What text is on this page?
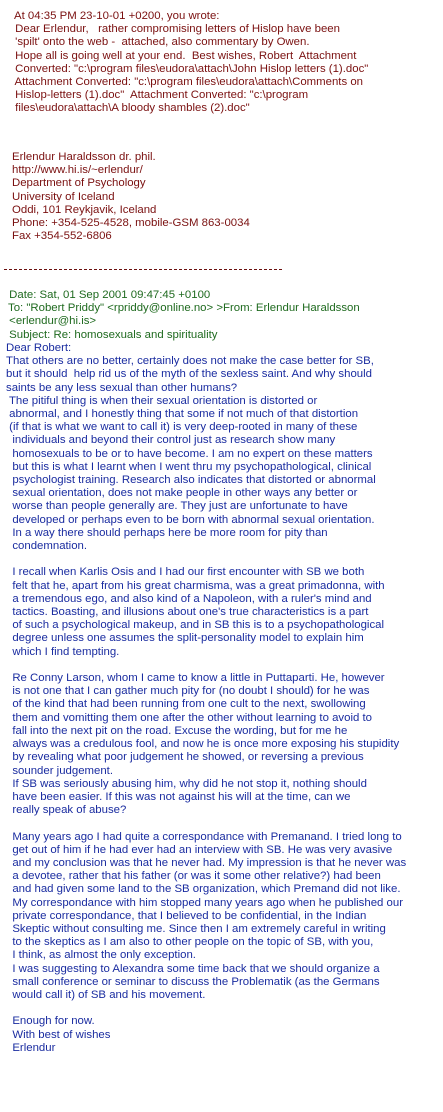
At 04:35 PM 23-10-01 +0200, you wrote:
Dear Erlendur,   rather compromising letters of Hislop have been
'spilt' onto the web -  attached, also commentary by Owen.
Hope all is going well at your end.  Best wishes, Robert  Attachment
Converted: "c:\program files\eudora\attach\John Hislop letters (1).doc"
Attachment Converted: "c:\program files\eudora\attach\Comments on
Hislop-letters (1).doc"  Attachment Converted: "c:\program
files\eudora\attach\A bloody shambles (2).doc"
Erlendur Haraldsson dr. phil.
http://www.hi.is/~erlendur/
Department of Psychology
University of Iceland
Oddi, 101 Reykjavik, Iceland
Phone: +354-525-4528, mobile-GSM 863-0034
Fax +354-552-6806
Date: Sat, 01 Sep 2001 09:47:45 +0100
To: "Robert Priddy" <rpriddy@online.no> >From: Erlendur Haraldsson
<erlendur@hi.is>
Subject: Re: homosexuals and spirituality
Dear Robert:
That others are no better, certainly does not make the case better for SB,
but it should  help rid us of the myth of the sexless saint. And why should
saints be any less sexual than other humans?
The pitiful thing is when their sexual orientation is distorted or
abnormal, and I honestly thing that some if not much of that distortion
(if that is what we want to call it) is very deep-rooted in many of these
individuals and beyond their control just as research show many
homosexuals to be or to have become. I am no expert on these matters
but this is what I learnt when I went thru my psychopathological, clinical
psychologist training. Research also indicates that distorted or abnormal
sexual orientation, does not make people in other ways any better or
worse than people generally are. They just are unfortunate to have
developed or perhaps even to be born with abnormal sexual orientation.
In a way there should perhaps here be more room for pity than
condemnation.

I recall when Karlis Osis and I had our first encounter with SB we both
felt that he, apart from his great charmisma, was a great primadonna, with
a tremendous ego, and also kind of a Napoleon, with a ruler's mind and
tactics. Boasting, and illusions about one's true characteristics is a part
of such a psychological makeup, and in SB this is to a psychopathological
degree unless one assumes the split-personality model to explain him
which I find tempting.

Re Conny Larson, whom I came to know a little in Puttaparti. He, however
is not one that I can gather much pity for (no doubt I should) for he was
of the kind that had been running from one cult to the next, swollowing
them and vomitting them one after the other without learning to avoid to
fall into the next pit on the road. Excuse the wording, but for me he
always was a credulous fool, and now he is once more exposing his stupidity
by revealing what poor judgement he showed, or reversing a previous
sounder judgement.
If SB was seriously abusing him, why did he not stop it, nothing should
have been easier. If this was not against his will at the time, can we
really speak of abuse?

Many years ago I had quite a correspondance with Premanand. I tried long to
get out of him if he had ever had an interview with SB. He was very avasive
and my conclusion was that he never had. My impression is that he never was
a devotee, rather that his father (or was it some other relative?) had been
and had given some land to the SB organization, which Premand did not like.
My correspondance with him stopped many years ago when he published our
private correspondance, that I believed to be confidential, in the Indian
Skeptic without consulting me. Since then I am extremely careful in writing
to the skeptics as I am also to other people on the topic of SB, with you,
I think, as almost the only exception.
I was suggesting to Alexandra some time back that we should organize a
small conference or seminar to discuss the Problematik (as the Germans
would call it) of SB and his movement.

Enough for now.
With best of wishes
Erlendur
